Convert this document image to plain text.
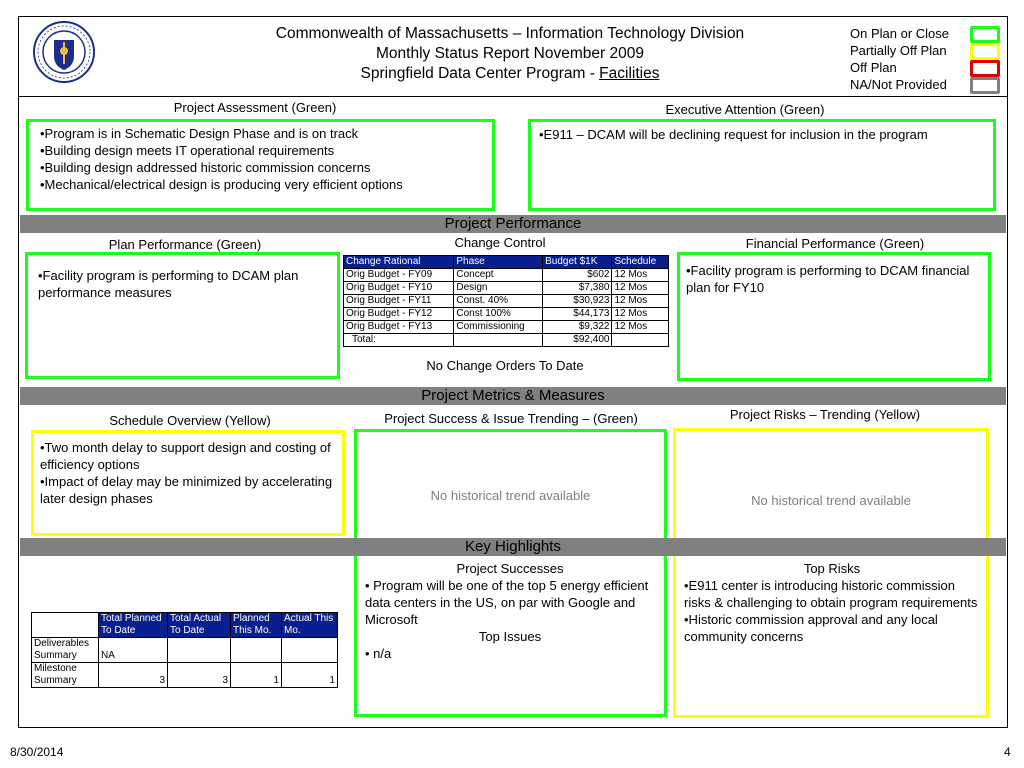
Commonwealth of Massachusetts – Information Technology Division
Monthly Status Report November 2009
Springfield Data Center Program - Facilities
On Plan or Close
Partially Off Plan
Off Plan
NA/Not Provided
Project Assessment (Green)
•Program is in Schematic Design Phase and is on track
•Building design meets IT operational requirements
•Building design addressed historic commission concerns
•Mechanical/electrical design is producing very efficient options
Executive Attention (Green)
•E911 – DCAM will be declining request for inclusion in the program
Project Performance
Plan Performance (Green)
•Facility program is performing to DCAM plan performance measures
Change Control
Change Rational	Phase	Budget $1K	Schedule
Orig Budget - FY09	Concept	$602	12 Mos
Orig Budget - FY10	Design	$7,380	12 Mos
Orig Budget - FY11	Const. 40%	$30,923	12 Mos
Orig Budget - FY12	Const 100%	$44,173	12 Mos
Orig Budget - FY13	Commissioning	$9,322	12 Mos
Total:		$92,400	
No Change Orders To Date
Financial Performance (Green)
•Facility program is performing to DCAM financial plan for FY10
Project Metrics & Measures
Schedule Overview (Yellow)
•Two month delay to support design and costing of efficiency options
•Impact of delay may be minimized by accelerating later design phases
Project Success & Issue Trending – (Green)
No historical trend available
Project Risks – Trending (Yellow)
No historical trend available
Key Highlights
Project Successes
• Program will be one of the top 5 energy efficient data centers in the US, on par with Google and Microsoft
Top Issues
• n/a
Top Risks
•E911 center is introducing historic commission risks & challenging to obtain program requirements
•Historic commission approval and any local community concerns
	Total Planned To Date	Total Actual To Date	Planned This Mo.	Actual This Mo.
Deliverables Summary	NA			
Milestone Summary	3	3	1	1
8/30/2014	4
